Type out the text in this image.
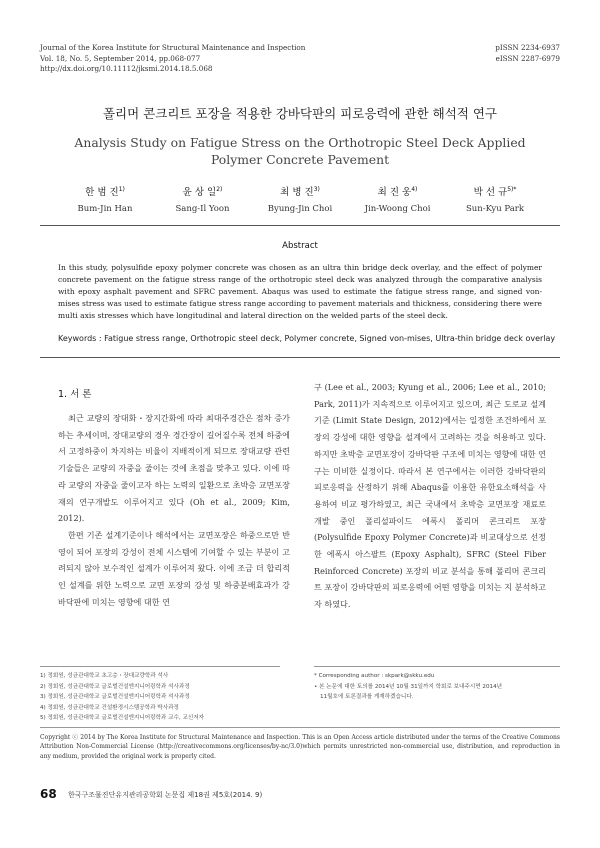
Journal of the Korea Institute for Structural Maintenance and Inspection
Vol. 18, No. 5, September 2014, pp.068-077
http://dx.doi.org/10.11112/jksmi.2014.18.5.068
pISSN 2234-6937
eISSN 2287-6979
폴리머 콘크리트 포장을 적용한 강바닥판의 피로응력에 관한 해석적 연구
Analysis Study on Fatigue Stress on the Orthotropic Steel Deck Applied
Polymer Concrete Pavement
한 범 진$^{1)}$
Bum-Jin Han
윤 상 일$^{2)}$
Sang-Il Yoon
최 병 진$^{3)}$
Byung-Jin Choi
최 진 웅$^{4)}$
Jin-Woong Choi
박 선 규$^{5)*}$
Sun-Kyu Park
Abstract
In this study, polysulfide epoxy polymer concrete was chosen as an ultra thin bridge deck overlay, and the effect of polymer concrete pavement on the fatigue stress range of the orthotropic steel deck was analyzed through the comparative analysis with epoxy asphalt pavement and SFRC pavement. Abaqus was used to estimate the fatigue stress range, and signed von-mises stress was used to estimate fatigue stress range according to pavement materials and thickness, considering there were multi axis stresses which have longitudinal and lateral direction on the welded parts of the steel deck.
Keywords : Fatigue stress range, Orthotropic steel deck, Polymer concrete, Signed von-mises, Ultra-thin bridge deck overlay
1. 서 론

최근 교량의 장대화・장지간화에 따라 최대주경간은 점차 증가하는 추세이며, 장대교량의 경우 경간장이 길어질수록 전체 하중에서 고정하중이 차지하는 비율이 지배적이게 되므로 장대교량 관련 기술들은 교량의 자중을 줄이는 것에 초점을 맞추고 있다. 이에 따라 교량의 자중을 줄이고자 하는 노력의 일환으로 초박층 교면포장재의 연구개발도 이루어지고 있다 (Oh et al., 2009; Kim, 2012).

한편 기존 설계기준이나 해석에서는 교면포장은 하중으로만 반영이 되어 포장의 강성이 전체 시스템에 기여할 수 있는 부분이 고려되지 않아 보수적인 설계가 이루어져 왔다. 이에 조금 더 합리적인 설계를 위한 노력으로 교면 포장의 강성 및 하중분배효과가 강바닥판에 미치는 영향에 대한 연

구 (Lee et al., 2003; Kyung et al., 2006; Lee et al., 2010; Park, 2011)가 지속적으로 이루어지고 있으며, 최근 도로교 설계기준 (Limit State Design, 2012)에서는 일정한 조건하에서 포장의 강성에 대한 영향을 설계에서 고려하는 것을 허용하고 있다. 하지만 초박층 교면포장이 강바닥판 구조에 미치는 영향에 대한 연구는 미비한 실정이다. 따라서 본 연구에서는 이러한 강바닥판의 피로응력을 산정하기 위해 Abaqus를 이용한 유한요소해석을 사용하여 비교 평가하였고, 최근 국내에서 초박층 교면포장 재료로 개발 중인 폴리설파이드 에폭시 폴리머 콘크리트 포장 (Polysulfide Epoxy Polymer Concrete)과 비교대상으로 선정한 에폭시 아스팔트 (Epoxy Asphalt), SFRC (Steel Fiber Reinforced Concrete) 포장의 비교 분석을 통해 폴리머 콘크리트 포장이 강바닥판의 피로응력에 어떤 영향을 미치는 지 분석하고자 하였다.

1) 정회원, 성균관대학교 초고층・장대교량학과 석사
2) 정회원, 성균관대학교 글로벌건설엔지니어링학과 석사과정
3) 정회원, 성균관대학교 글로벌건설엔지니어링학과 석사과정
4) 정회원, 성균관대학교 건설환경시스템공학과 박사과정
5) 정회원, 성균관대학교 글로벌건설엔지니어링학과 교수, 교신저자
* Corresponding author : skpark@skku.edu
• 본 논문에 대한 토의를 2014년 10월 31일까지 학회로 보내주시면 2014년
11월호에 토론결과를 게재하겠습니다.
Copyright ⓒ 2014 by The Korea Institute for Structural Maintenance and Inspection. This is an Open Access article distributed under the terms of the Creative Commons Attribution Non-Commercial License (http://creativecommons.org/licenses/by-nc/3.0)which permits unrestricted non-commercial use, distribution, and reproduction in any medium, provided the original work is properly cited.
68 한국구조물진단유지관리공학회 논문집 제18권 제5호(2014. 9)
